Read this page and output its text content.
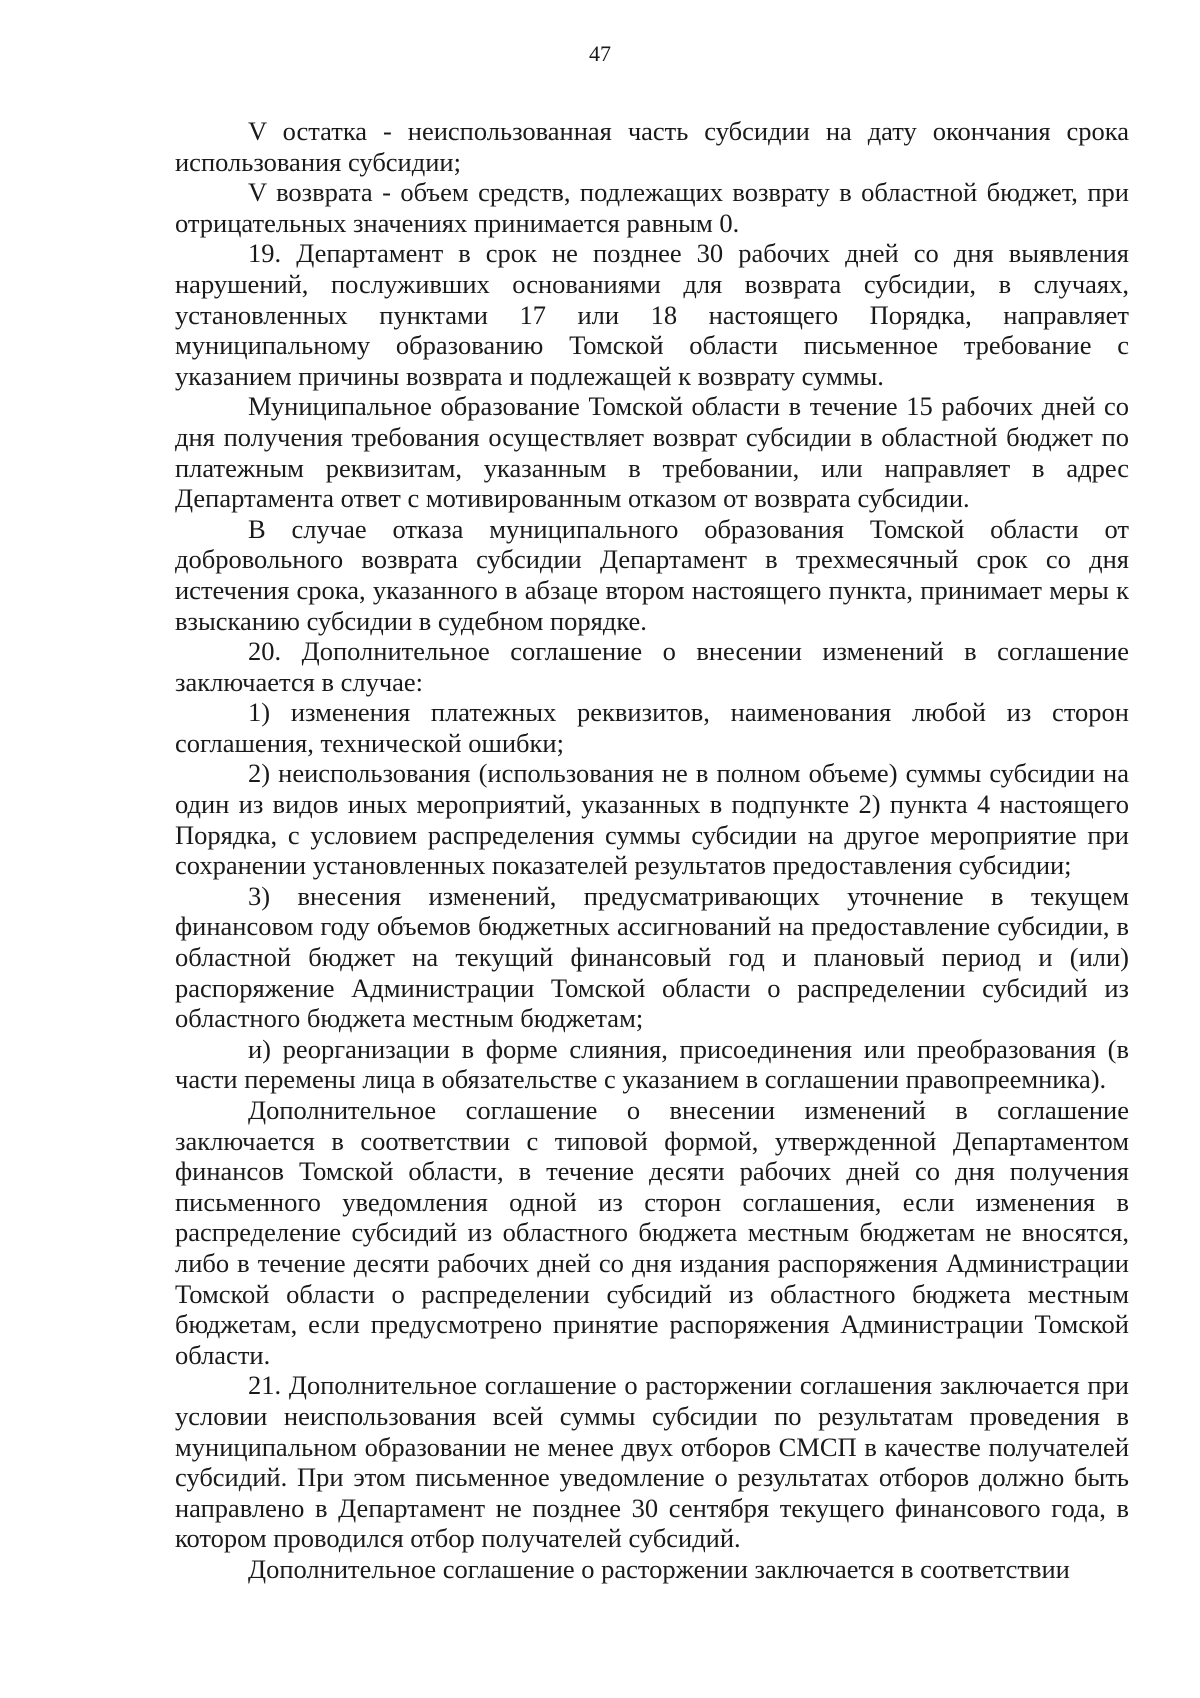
47

V остатка - неиспользованная часть субсидии на дату окончания срока использования субсидии;

V возврата - объем средств, подлежащих возврату в областной бюджет, при отрицательных значениях принимается равным 0.

19. Департамент в срок не позднее 30 рабочих дней со дня выявления нарушений, послуживших основаниями для возврата субсидии, в случаях, установленных пунктами 17 или 18 настоящего Порядка, направляет муниципальному образованию Томской области письменное требование с указанием причины возврата и подлежащей к возврату суммы.

Муниципальное образование Томской области в течение 15 рабочих дней со дня получения требования осуществляет возврат субсидии в областной бюджет по платежным реквизитам, указанным в требовании, или направляет в адрес Департамента ответ с мотивированным отказом от возврата субсидии.

В случае отказа муниципального образования Томской области от добровольного возврата субсидии Департамент в трехмесячный срок со дня истечения срока, указанного в абзаце втором настоящего пункта, принимает меры к взысканию субсидии в судебном порядке.

20. Дополнительное соглашение о внесении изменений в соглашение заключается в случае:

1) изменения платежных реквизитов, наименования любой из сторон соглашения, технической ошибки;

2) неиспользования (использования не в полном объеме) суммы субсидии на один из видов иных мероприятий, указанных в подпункте 2) пункта 4 настоящего Порядка, с условием распределения суммы субсидии на другое мероприятие при сохранении установленных показателей результатов предоставления субсидии;

3) внесения изменений, предусматривающих уточнение в текущем финансовом году объемов бюджетных ассигнований на предоставление субсидии, в областной бюджет на текущий финансовый год и плановый период и (или) распоряжение Администрации Томской области о распределении субсидий из областного бюджета местным бюджетам;

и) реорганизации в форме слияния, присоединения или преобразования (в части перемены лица в обязательстве с указанием в соглашении правопреемника).

Дополнительное соглашение о внесении изменений в соглашение заключается в соответствии с типовой формой, утвержденной Департаментом финансов Томской области, в течение десяти рабочих дней со дня получения письменного уведомления одной из сторон соглашения, если изменения в распределение субсидий из областного бюджета местным бюджетам не вносятся, либо в течение десяти рабочих дней со дня издания распоряжения Администрации Томской области о распределении субсидий из областного бюджета местным бюджетам, если предусмотрено принятие распоряжения Администрации Томской области.

21. Дополнительное соглашение о расторжении соглашения заключается при условии неиспользования всей суммы субсидии по результатам проведения в муниципальном образовании не менее двух отборов СМСП в качестве получателей субсидий. При этом письменное уведомление о результатах отборов должно быть направлено в Департамент не позднее 30 сентября текущего финансового года, в котором проводился отбор получателей субсидий.

Дополнительное соглашение о расторжении заключается в соответствии
